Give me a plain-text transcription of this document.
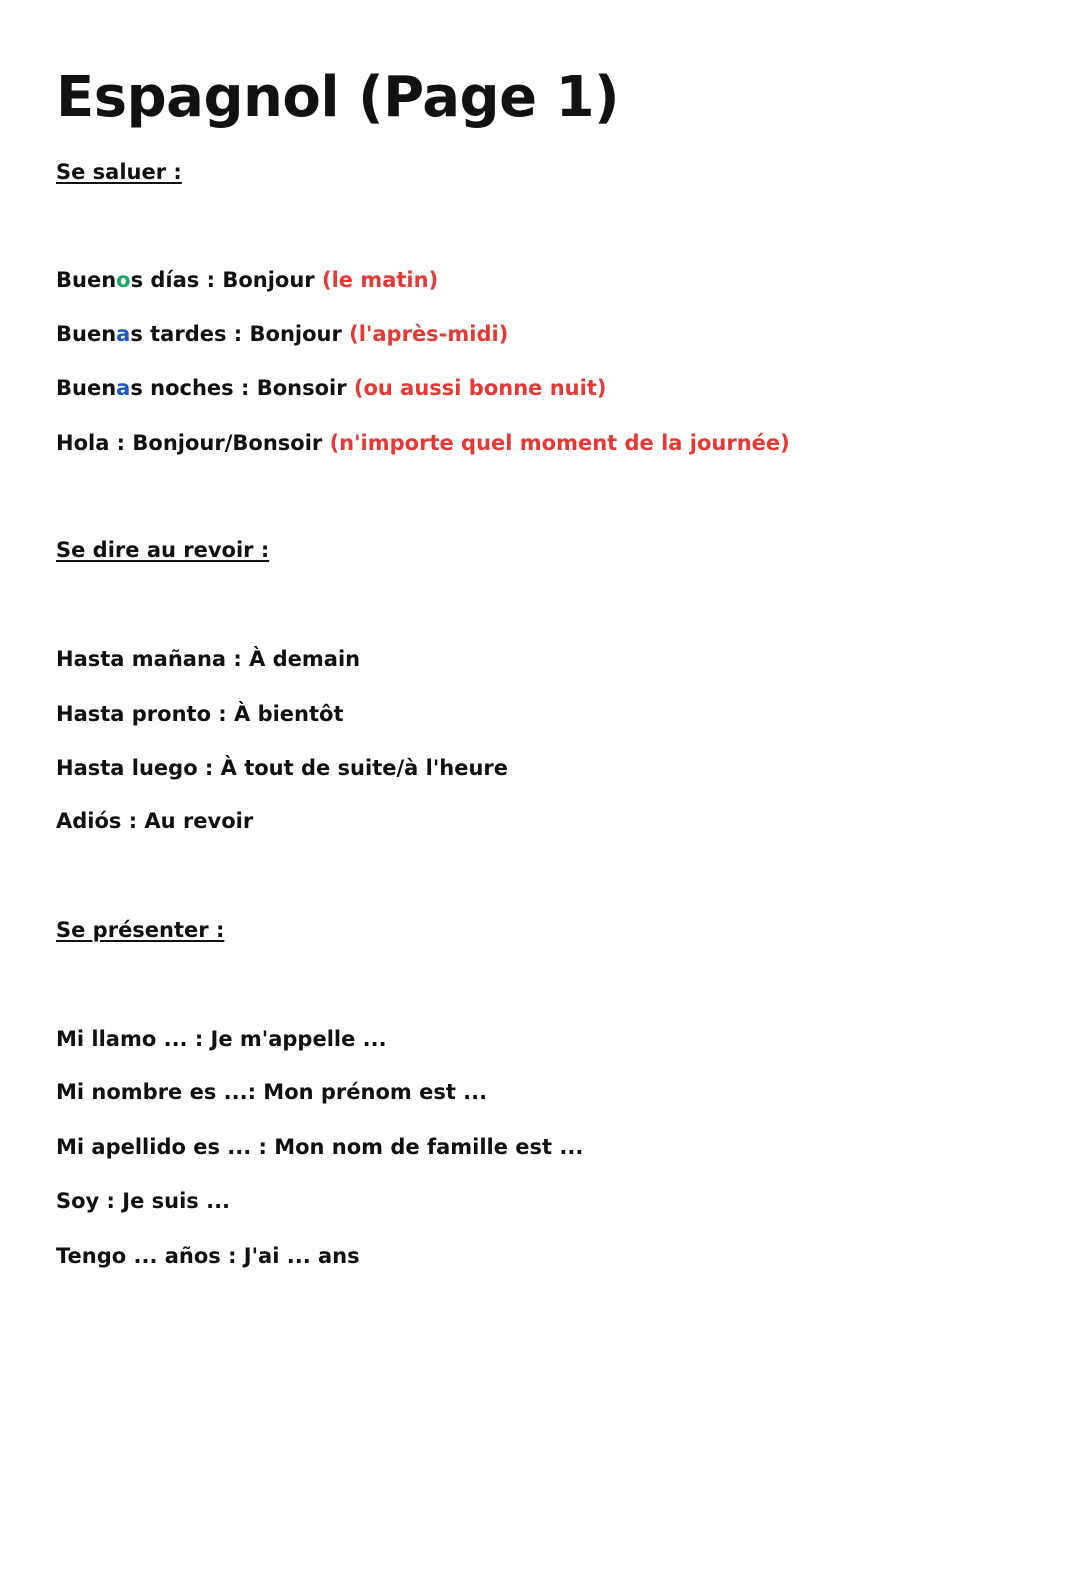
Espagnol (Page 1)
Se saluer :

Buenos días : Bonjour (le matin)

Buenas tardes : Bonjour (l'après-midi)

Buenas noches : Bonsoir (ou aussi bonne nuit)

Hola : Bonjour/Bonsoir (n'importe quel moment de la journée)

Se dire au revoir :

Hasta mañana : À demain

Hasta pronto : À bientôt

Hasta luego : À tout de suite/à l'heure

Adiós : Au revoir

Se présenter :

Mi llamo ... : Je m'appelle ...

Mi nombre es ...: Mon prénom est ...

Mi apellido es ... : Mon nom de famille est ...

Soy : Je suis ...

Tengo ... años : J'ai ... ans
